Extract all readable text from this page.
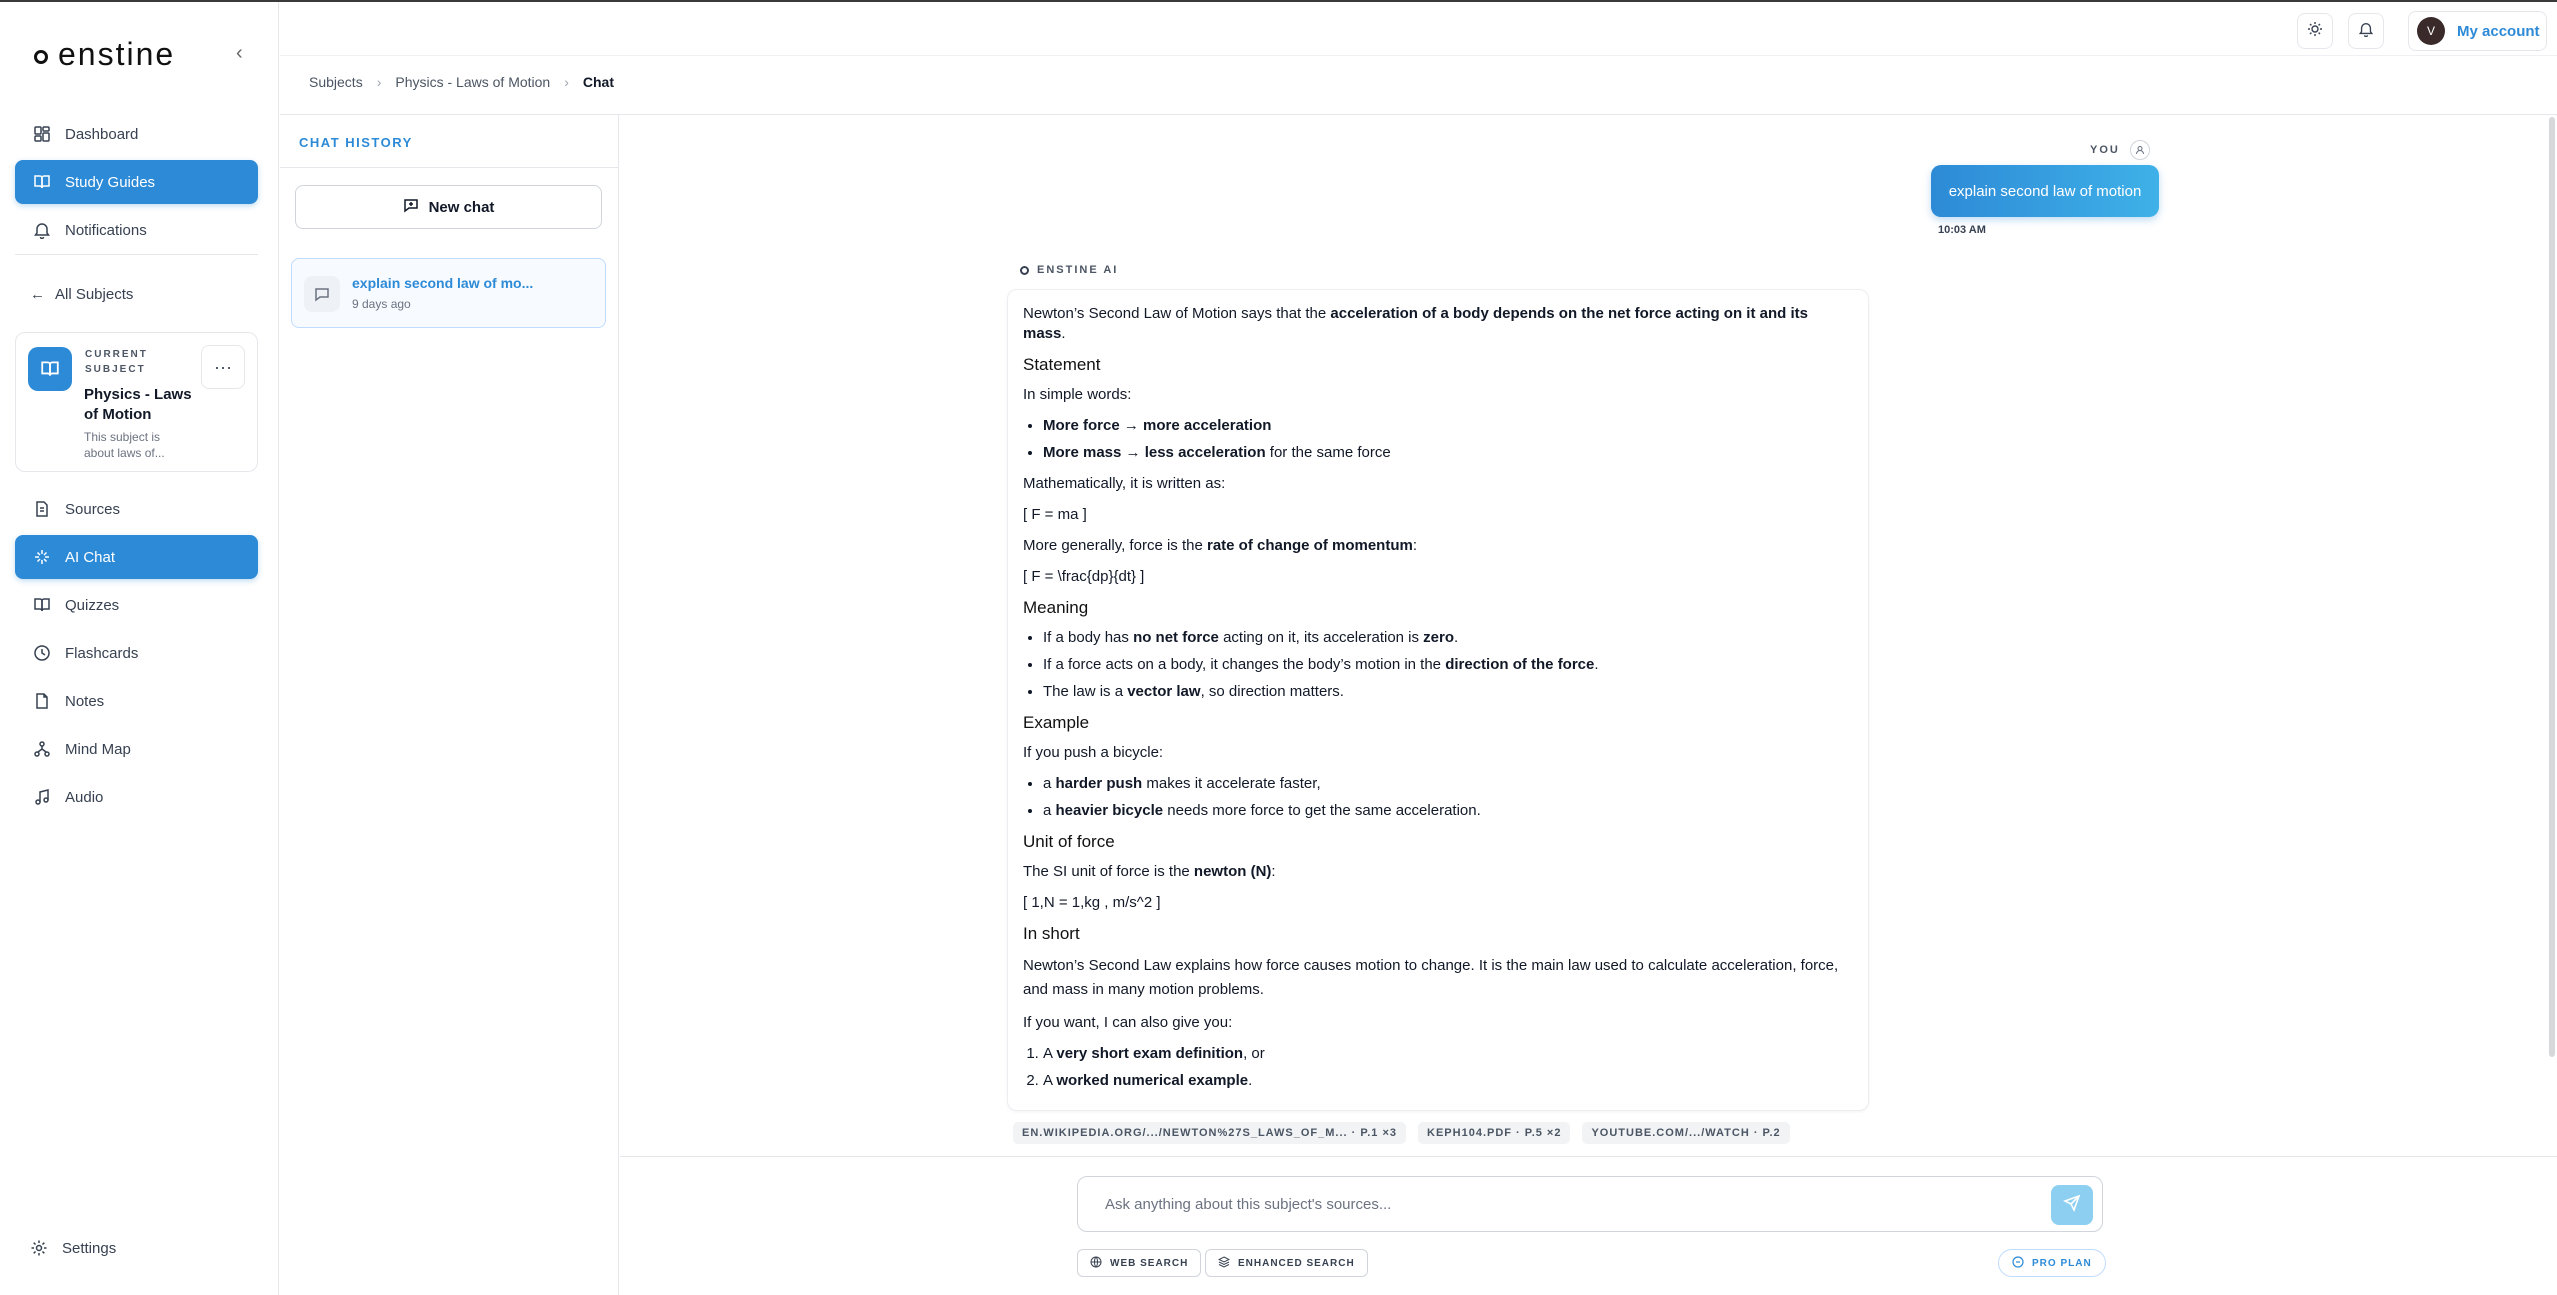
enstine	‹
Dashboard
Study Guides
Notifications
← All Subjects
CURRENT SUBJECT
Physics - Laws of Motion
This subject is about laws of...
···
Sources
AI Chat
Quizzes
Flashcards
Notes
Mind Map
Audio
Settings
V	My account
Subjects › Physics - Laws of Motion › Chat
CHAT HISTORY
New chat
explain second law of mo...
9 days ago
YOU
explain second law of motion
10:03 AM
ENSTINE AI

Newton’s Second Law of Motion says that the acceleration of a body depends on the net force acting on it and its mass.

Statement

In simple words:

• More force → more acceleration
• More mass → less acceleration for the same force

Mathematically, it is written as:

[ F = ma ]

More generally, force is the rate of change of momentum:

[ F = \frac{dp}{dt} ]

Meaning
• If a body has no net force acting on it, its acceleration is zero.
• If a force acts on a body, it changes the body’s motion in the direction of the force.
• The law is a vector law, so direction matters.
Example

If you push a bicycle:

• a harder push makes it accelerate faster,
• a heavier bicycle needs more force to get the same acceleration.
Unit of force

The SI unit of force is the newton (N):

[ 1,N = 1,kg , m/s^2 ]

In short

Newton’s Second Law explains how force causes motion to change. It is the main law used to calculate acceleration, force, and mass in many motion problems.

If you want, I can also give you:

1. A very short exam definition, or
2. A worked numerical example.
EN.WIKIPEDIA.ORG/.../NEWTON%27S_LAWS_OF_M... · P.1 ×3	KEPH104.PDF · P.5 ×2	YOUTUBE.COM/.../WATCH · P.2
Ask anything about this subject's sources...
WEB SEARCH	ENHANCED SEARCH	PRO PLAN
